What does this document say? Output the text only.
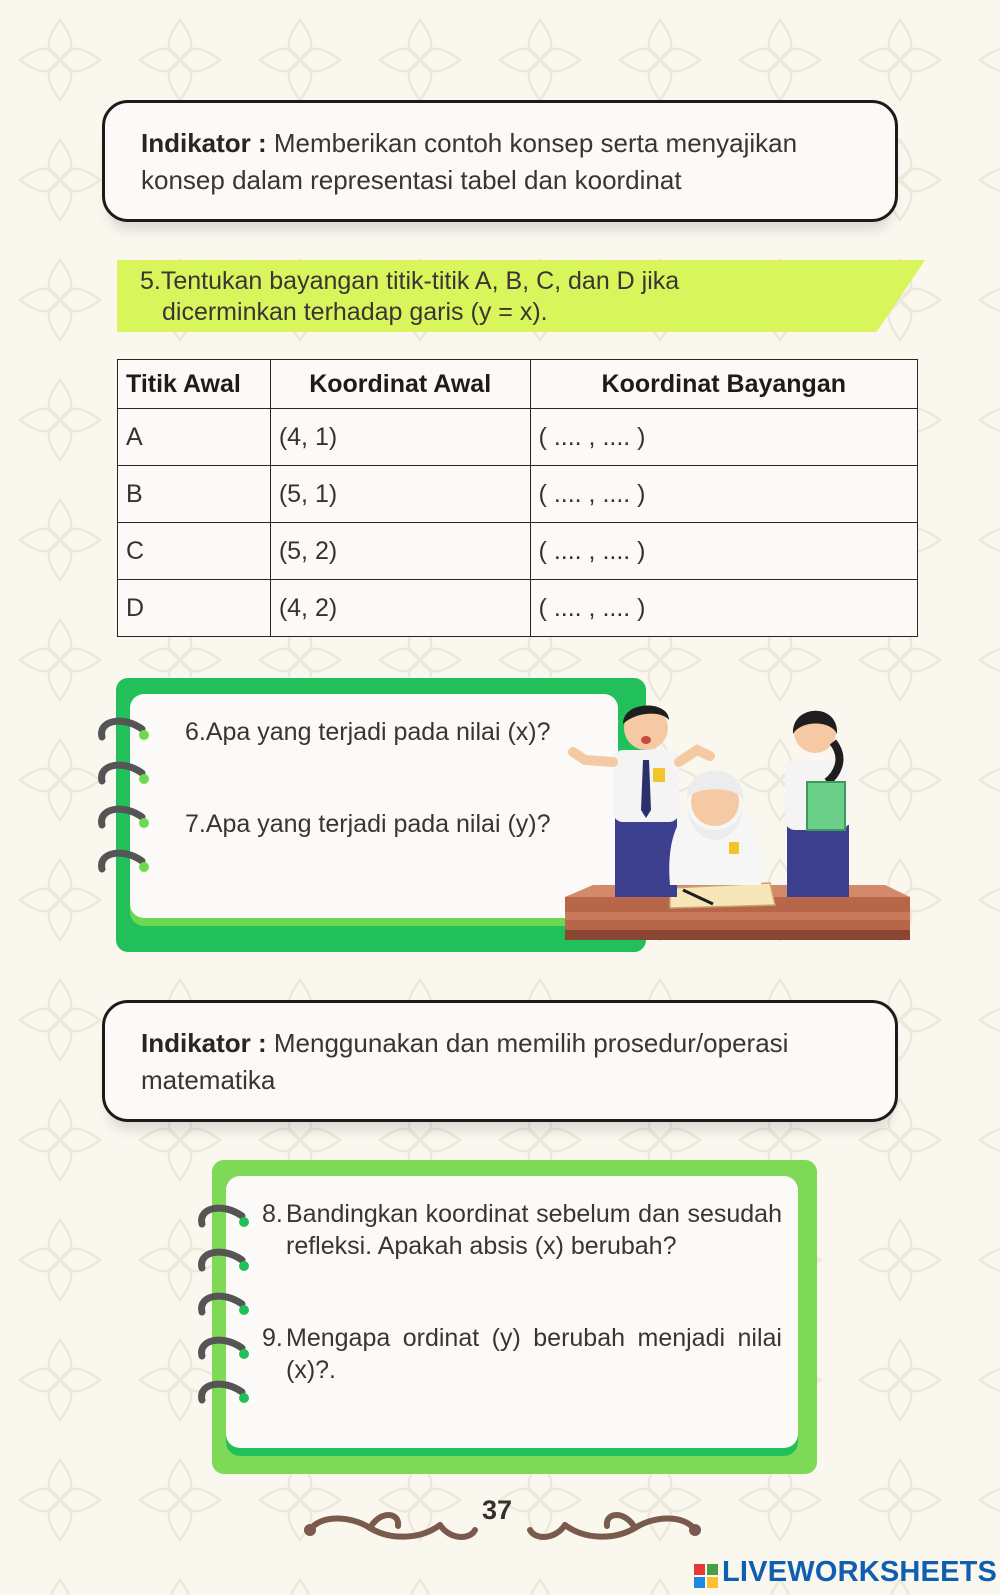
Indikator : Memberikan contoh konsep serta menyajikan konsep dalam representasi tabel dan koordinat
5.Tentukan bayangan titik-titik A, B, C, dan D jika
dicerminkan terhadap garis (y = x).
Titik Awal	Koordinat Awal	Koordinat Bayangan
A	(4, 1)	( .... , .... )
B	(5, 1)	( .... , .... )
C	(5, 2)	( .... , .... )
D	(4, 2)	( .... , .... )
6.Apa yang terjadi pada nilai (x)?
7.Apa yang terjadi pada nilai (y)?
Indikator : Menggunakan dan memilih prosedur/operasi matematika
8. Bandingkan koordinat sebelum dan sesudah refleksi. Apakah absis (x) berubah?
9. Mengapa ordinat (y) berubah menjadi nilai (x)?.
37
LIVEWORKSHEETS
